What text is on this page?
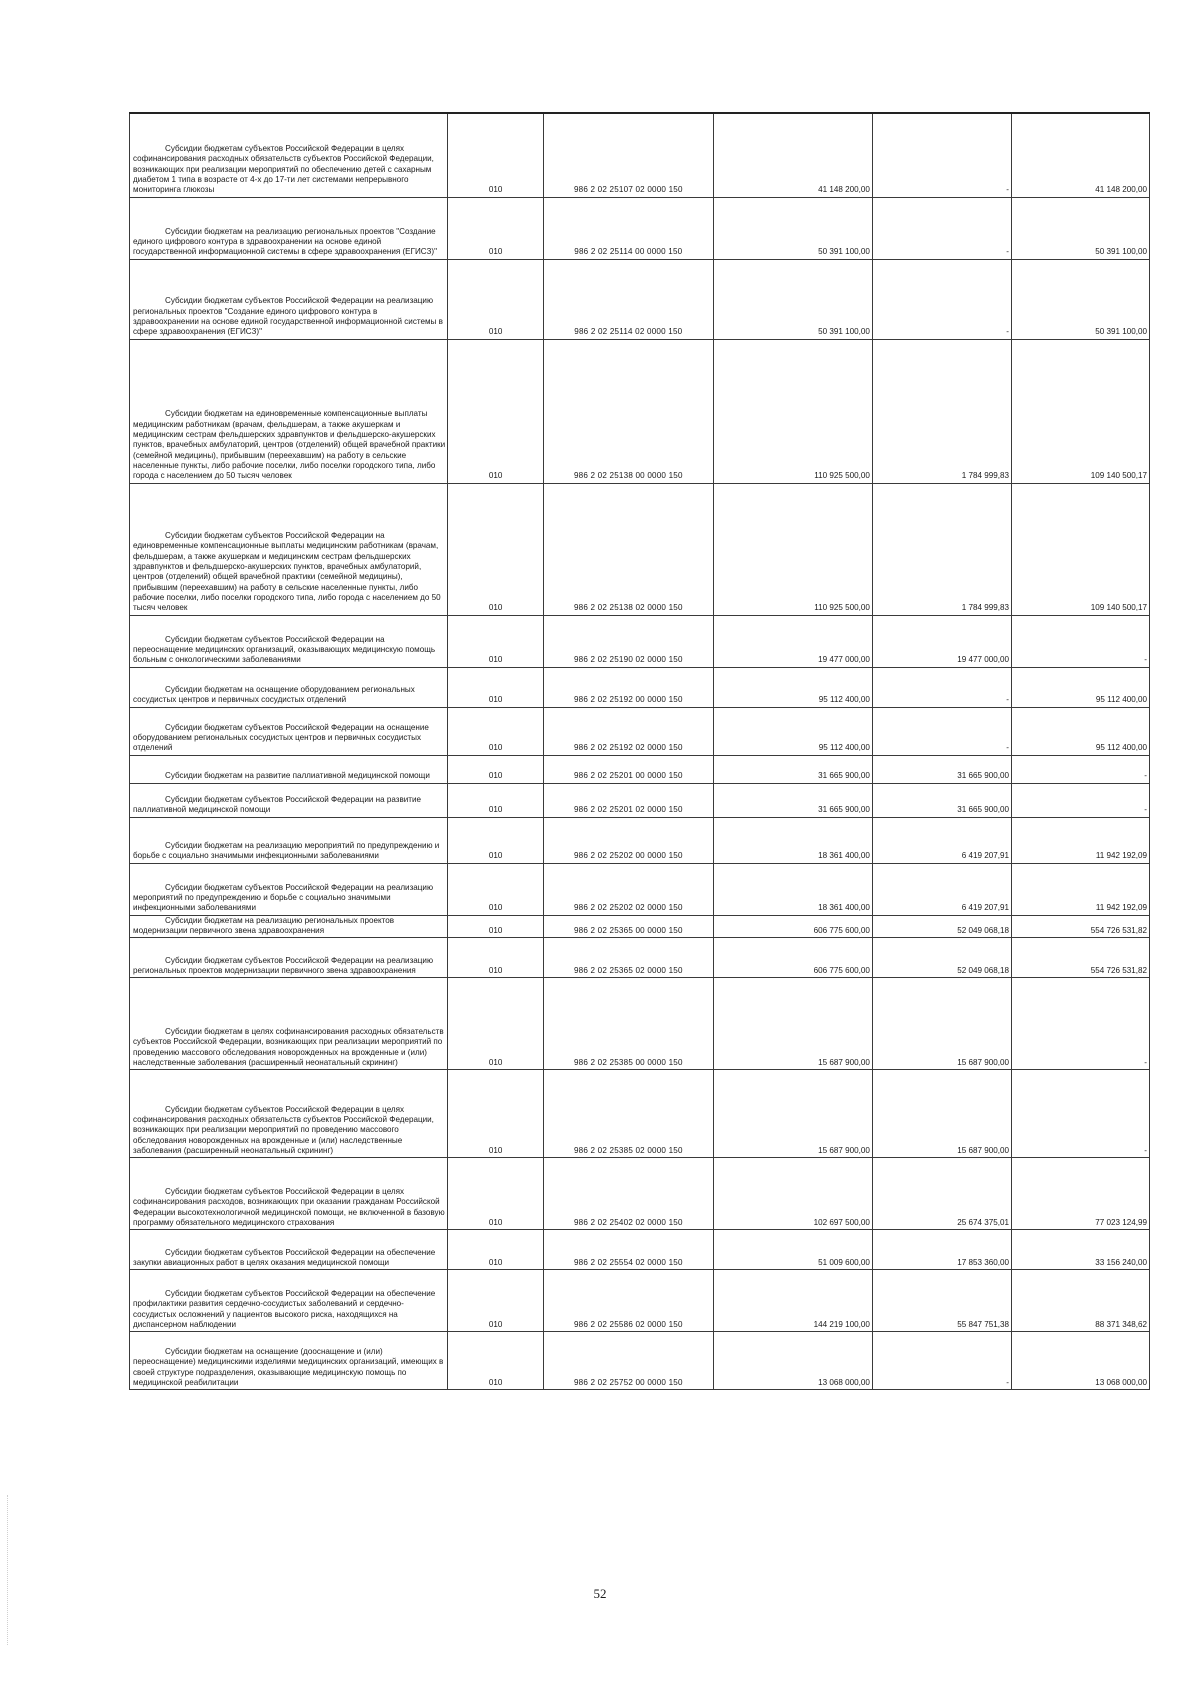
Субсидии бюджетам субъектов Российской Федерации в целях софинансирования расходных обязательств субъектов Российской Федерации, возникающих при реализации мероприятий по обеспечению детей с сахарным диабетом 1 типа в возрасте от 4-х до 17-ти лет системами непрерывного мониторинга глюкозы	010	986 2 02 25107 02 0000 150	41 148 200,00	-	41 148 200,00

Субсидии бюджетам на реализацию региональных проектов "Создание единого цифрового контура в здравоохранении на основе единой государственной информационной системы в сфере здравоохранения (ЕГИСЗ)"	010	986 2 02 25114 00 0000 150	50 391 100,00	-	50 391 100,00

Субсидии бюджетам субъектов Российской Федерации на реализацию региональных проектов "Создание единого цифрового контура в здравоохранении на основе единой государственной информационной системы в сфере здравоохранения (ЕГИСЗ)"	010	986 2 02 25114 02 0000 150	50 391 100,00	-	50 391 100,00

Субсидии бюджетам на единовременные компенсационные выплаты медицинским работникам (врачам, фельдшерам, а также акушеркам и медицинским сестрам фельдшерских здравпунктов и фельдшерско-акушерских пунктов, врачебных амбулаторий, центров (отделений) общей врачебной практики (семейной медицины), прибывшим (переехавшим) на работу в сельские населенные пункты, либо рабочие поселки, либо поселки городского типа, либо города с населением до 50 тысяч человек	010	986 2 02 25138 00 0000 150	110 925 500,00	1 784 999,83	109 140 500,17

Субсидии бюджетам субъектов Российской Федерации на единовременные компенсационные выплаты медицинским работникам (врачам, фельдшерам, а также акушеркам и медицинским сестрам фельдшерских здравпунктов и фельдшерско-акушерских пунктов, врачебных амбулаторий, центров (отделений) общей врачебной практики (семейной медицины), прибывшим (переехавшим) на работу в сельские населенные пункты, либо рабочие поселки, либо поселки городского типа, либо города с населением до 50 тысяч человек	010	986 2 02 25138 02 0000 150	110 925 500,00	1 784 999,83	109 140 500,17

Субсидии бюджетам субъектов Российской Федерации на переоснащение медицинских организаций, оказывающих медицинскую помощь больным с онкологическими заболеваниями	010	986 2 02 25190 02 0000 150	19 477 000,00	19 477 000,00	-

Субсидии бюджетам на оснащение оборудованием региональных сосудистых центров и первичных сосудистых отделений	010	986 2 02 25192 00 0000 150	95 112 400,00	-	95 112 400,00

Субсидии бюджетам субъектов Российской Федерации на оснащение оборудованием региональных сосудистых центров и первичных сосудистых отделений	010	986 2 02 25192 02 0000 150	95 112 400,00	-	95 112 400,00

Субсидии бюджетам на развитие паллиативной медицинской помощи	010	986 2 02 25201 00 0000 150	31 665 900,00	31 665 900,00	-

Субсидии бюджетам субъектов Российской Федерации на развитие паллиативной медицинской помощи	010	986 2 02 25201 02 0000 150	31 665 900,00	31 665 900,00	-

Субсидии бюджетам на реализацию мероприятий по предупреждению и борьбе с социально значимыми инфекционными заболеваниями	010	986 2 02 25202 00 0000 150	18 361 400,00	6 419 207,91	11 942 192,09

Субсидии бюджетам субъектов Российской Федерации на реализацию мероприятий по предупреждению и борьбе с социально значимыми инфекционными заболеваниями	010	986 2 02 25202 02 0000 150	18 361 400,00	6 419 207,91	11 942 192,09

Субсидии бюджетам на реализацию региональных проектов модернизации первичного звена здравоохранения	010	986 2 02 25365 00 0000 150	606 775 600,00	52 049 068,18	554 726 531,82

Субсидии бюджетам субъектов Российской Федерации на реализацию региональных проектов модернизации первичного звена здравоохранения	010	986 2 02 25365 02 0000 150	606 775 600,00	52 049 068,18	554 726 531,82

Субсидии бюджетам в целях софинансирования расходных обязательств субъектов Российской Федерации, возникающих при реализации мероприятий по проведению массового обследования новорожденных на врожденные и (или) наследственные заболевания (расширенный неонатальный скрининг)	010	986 2 02 25385 00 0000 150	15 687 900,00	15 687 900,00	-

Субсидии бюджетам субъектов Российской Федерации в целях софинансирования расходных обязательств субъектов Российской Федерации, возникающих при реализации мероприятий по проведению массового обследования новорожденных на врожденные и (или) наследственные заболевания (расширенный неонатальный скрининг)	010	986 2 02 25385 02 0000 150	15 687 900,00	15 687 900,00	-

Субсидии бюджетам субъектов Российской Федерации в целях софинансирования расходов, возникающих при оказании гражданам Российской Федерации высокотехнологичной медицинской помощи, не включенной в базовую программу обязательного медицинского страхования	010	986 2 02 25402 02 0000 150	102 697 500,00	25 674 375,01	77 023 124,99

Субсидии бюджетам субъектов Российской Федерации на обеспечение закупки авиационных работ в целях оказания медицинской помощи	010	986 2 02 25554 02 0000 150	51 009 600,00	17 853 360,00	33 156 240,00

Субсидии бюджетам субъектов Российской Федерации на обеспечение профилактики развития сердечно-сосудистых заболеваний и сердечно-сосудистых осложнений у пациентов высокого риска, находящихся на диспансерном наблюдении	010	986 2 02 25586 02 0000 150	144 219 100,00	55 847 751,38	88 371 348,62

Субсидии бюджетам на оснащение (дооснащение и (или) переоснащение) медицинскими изделиями медицинских организаций, имеющих в своей структуре подразделения, оказывающие медицинскую помощь по медицинской реабилитации	010	986 2 02 25752 00 0000 150	13 068 000,00	-	13 068 000,00
52
